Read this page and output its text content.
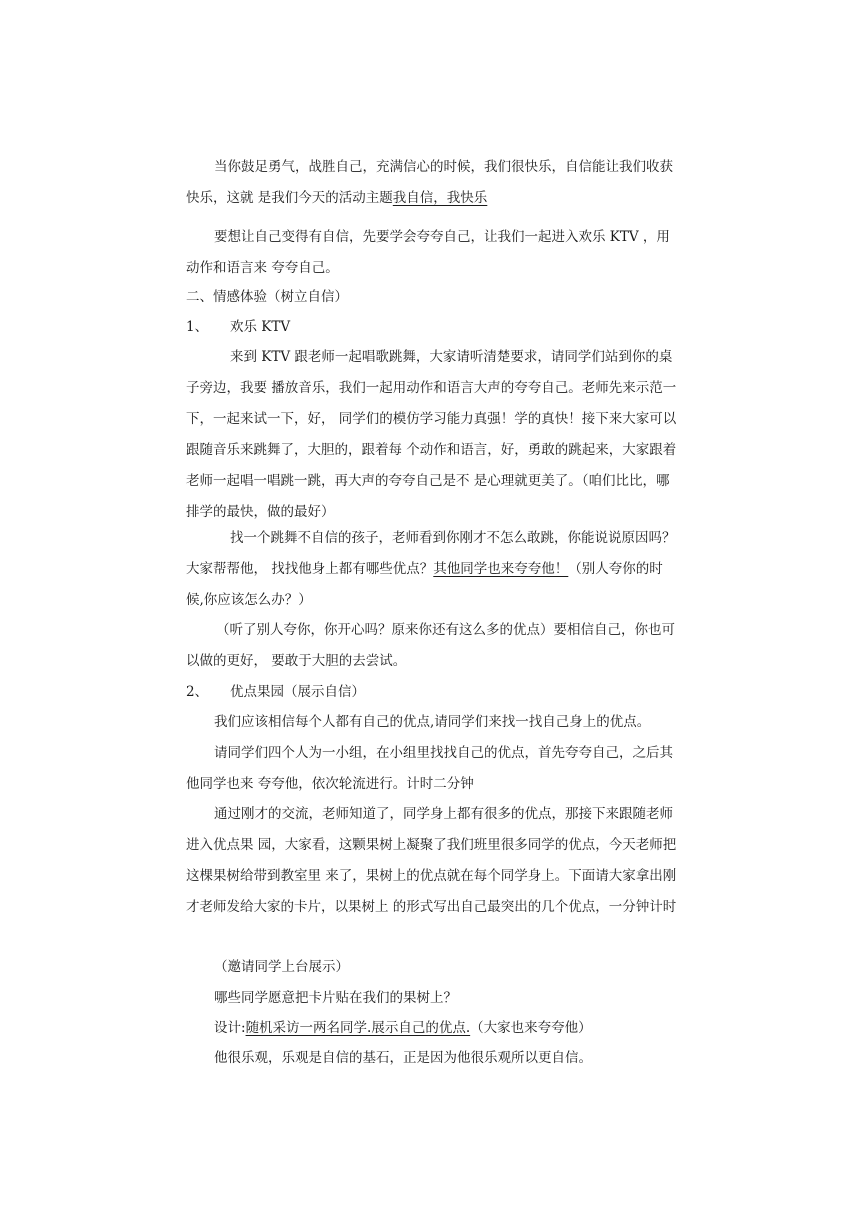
当你鼓足勇气，战胜自己，充满信心的时候，我们很快乐，自信能让我们收获快乐，这就 是我们今天的活动主题我自信，我快乐

要想让自己变得有自信，先要学会夸夸自己，让我们一起进入欢乐 KTV ，用动作和语言来 夸夸自己。

二、情感体验（树立自信）

1、 欢乐 KTV

来到 KTV 跟老师一起唱歌跳舞，大家请听清楚要求，请同学们站到你的桌子旁边，我要 播放音乐，我们一起用动作和语言大声的夸夸自己。老师先来示范一下，一起来试一下，好， 同学们的模仿学习能力真强！学的真快！接下来大家可以跟随音乐来跳舞了，大胆的，跟着每 个动作和语言，好，勇敢的跳起来，大家跟着老师一起唱一唱跳一跳，再大声的夸夸自己是不 是心理就更美了。（咱们比比，哪排学的最快，做的最好）

找一个跳舞不自信的孩子，老师看到你刚才不怎么敢跳，你能说说原因吗？大家帮帮他， 找找他身上都有哪些优点？其他同学也来夸夸他！（别人夸你的时候,你应该怎么办？）

（听了别人夸你，你开心吗？原来你还有这么多的优点）要相信自己，你也可以做的更好， 要敢于大胆的去尝试。

2、 优点果园（展示自信）

我们应该相信每个人都有自己的优点,请同学们来找一找自己身上的优点。

请同学们四个人为一小组，在小组里找找自己的优点，首先夸夸自己，之后其他同学也来 夸夸他，依次轮流进行。计时二分钟

通过刚才的交流，老师知道了，同学身上都有很多的优点，那接下来跟随老师进入优点果 园，大家看，这颗果树上凝聚了我们班里很多同学的优点，今天老师把这棵果树给带到教室里 来了，果树上的优点就在每个同学身上。下面请大家拿出刚才老师发给大家的卡片，以果树上 的形式写出自己最突出的几个优点，一分钟计时

（邀请同学上台展示）

哪些同学愿意把卡片贴在我们的果树上？

设计:随机采访一两名同学.展示自己的优点.（大家也来夸夸他）

他很乐观，乐观是自信的基石，正是因为他很乐观所以更自信。
